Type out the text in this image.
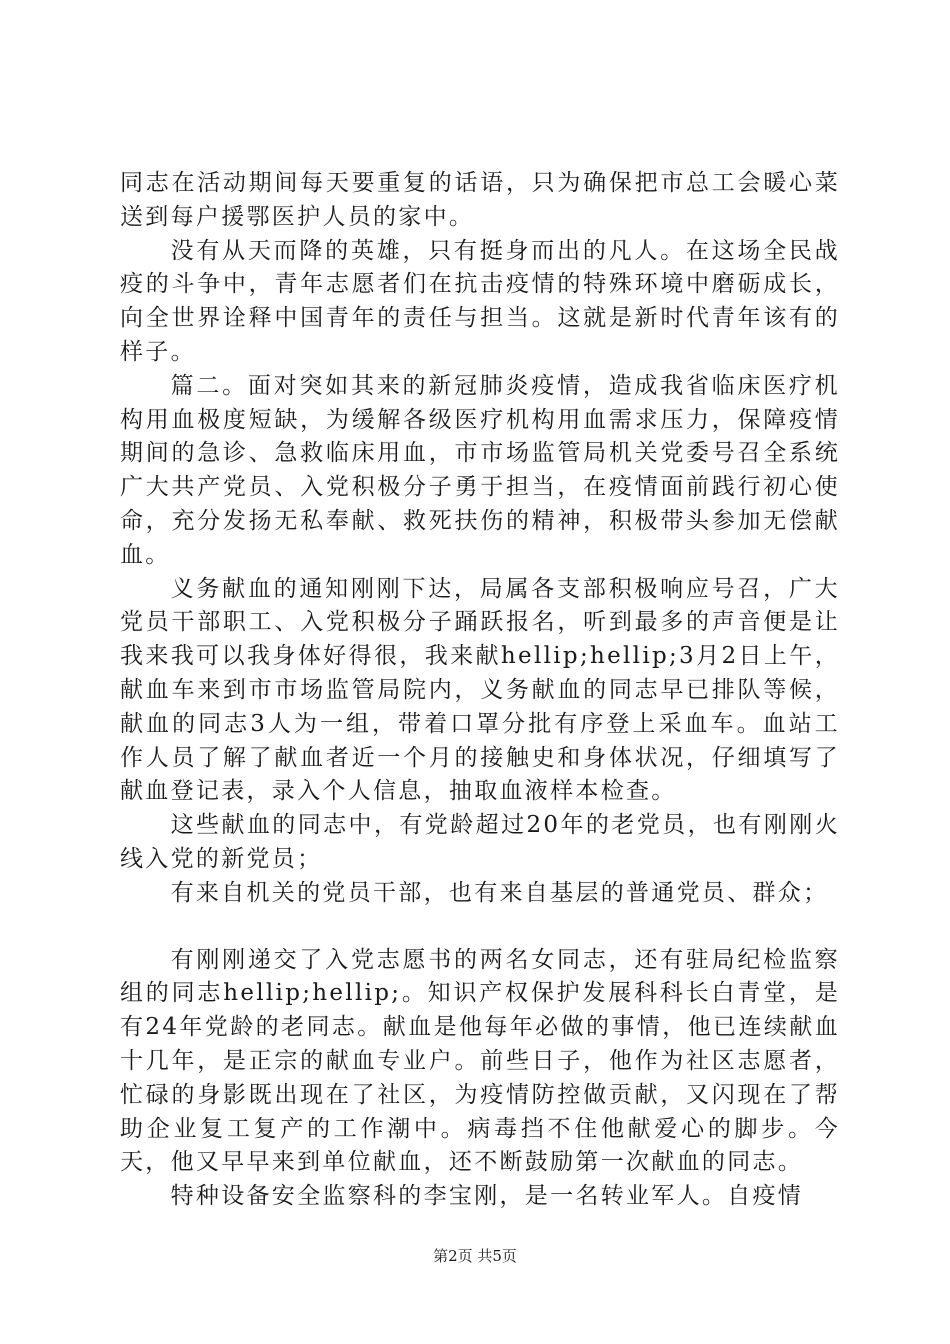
同志在活动期间每天要重复的话语，只为确保把市总工会暖心菜送到每户援鄂医护人员的家中。

没有从天而降的英雄，只有挺身而出的凡人。在这场全民战疫的斗争中，青年志愿者们在抗击疫情的特殊环境中磨砺成长，向全世界诠释中国青年的责任与担当。这就是新时代青年该有的样子。

篇二。面对突如其来的新冠肺炎疫情，造成我省临床医疗机构用血极度短缺，为缓解各级医疗机构用血需求压力，保障疫情期间的急诊、急救临床用血，市市场监管局机关党委号召全系统广大共产党员、入党积极分子勇于担当，在疫情面前践行初心使命，充分发扬无私奉献、救死扶伤的精神，积极带头参加无偿献血。

义务献血的通知刚刚下达，局属各支部积极响应号召，广大党员干部职工、入党积极分子踊跃报名，听到最多的声音便是让我来我可以我身体好得很，我来献hellip;hellip;3月2日上午，献血车来到市市场监管局院内，义务献血的同志早已排队等候，献血的同志3人为一组，带着口罩分批有序登上采血车。血站工作人员了解了献血者近一个月的接触史和身体状况，仔细填写了献血登记表，录入个人信息，抽取血液样本检查。

这些献血的同志中，有党龄超过20年的老党员，也有刚刚火线入党的新党员；

有来自机关的党员干部，也有来自基层的普通党员、群众；

有刚刚递交了入党志愿书的两名女同志，还有驻局纪检监察组的同志hellip;hellip;。知识产权保护发展科科长白青堂，是有24年党龄的老同志。献血是他每年必做的事情，他已连续献血十几年，是正宗的献血专业户。前些日子，他作为社区志愿者，忙碌的身影既出现在了社区，为疫情防控做贡献，又闪现在了帮助企业复工复产的工作潮中。病毒挡不住他献爱心的脚步。今天，他又早早来到单位献血，还不断鼓励第一次献血的同志。

特种设备安全监察科的李宝刚，是一名转业军人。自疫情

第2页 共5页
